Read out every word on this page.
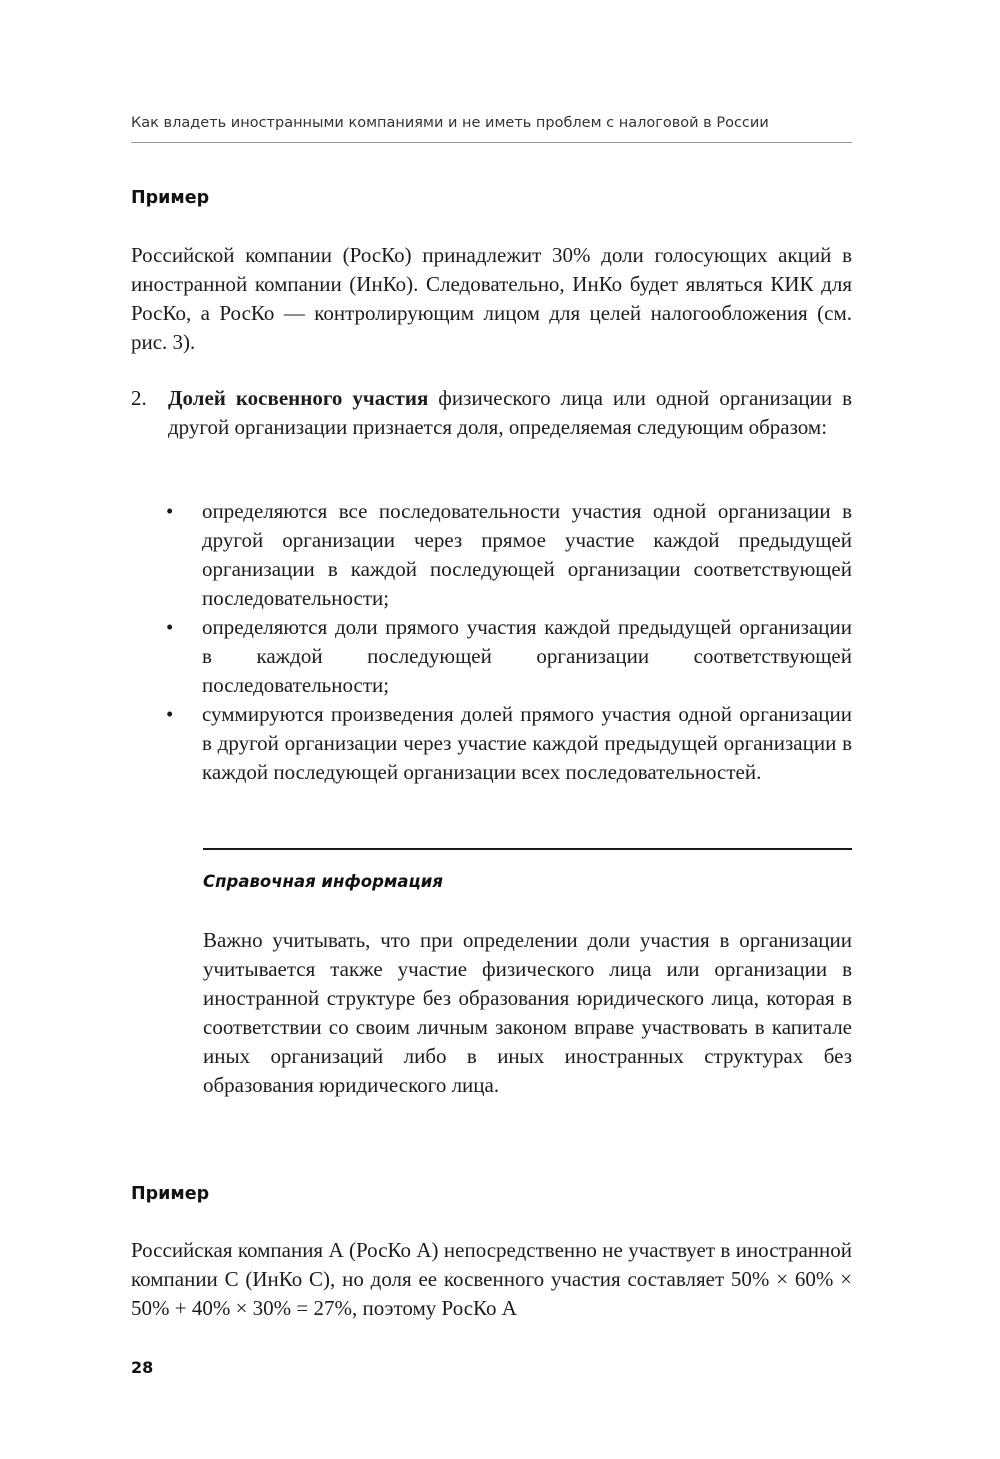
Как владеть иностранными компаниями и не иметь проблем с налоговой в России
Пример

Российской компании (РосКо) принадлежит 30% доли голосующих акций в иностранной компании (ИнКо). Следовательно, ИнКо будет являться КИК для РосКо, а РосКо — контролирующим лицом для целей налогообложения (см. рис. 3).

2. Долей косвенного участия физического лица или одной организации в другой организации признается доля, определяемая следующим образом:

• определяются все последовательности участия одной организации в другой организации через прямое участие каждой предыдущей организации в каждой последующей организации соответствующей последовательности;
• определяются доли прямого участия каждой предыдущей организации в каждой последующей организации соответствующей последовательности;
• суммируются произведения долей прямого участия одной организации в другой организации через участие каждой предыдущей организации в каждой последующей организации всех последовательностей.
Справочная информация

Важно учитывать, что при определении доли участия в организации учитывается также участие физического лица или организации в иностранной структуре без образования юридического лица, которая в соответствии со своим личным законом вправе участвовать в капитале иных организаций либо в иных иностранных структурах без образования юридического лица.

Пример

Российская компания А (РосКо А) непосредственно не участвует в иностранной компании С (ИнКо С), но доля ее косвенного участия составляет 50% × 60% × 50% + 40% × 30% = 27%, поэтому РосКо А

28
